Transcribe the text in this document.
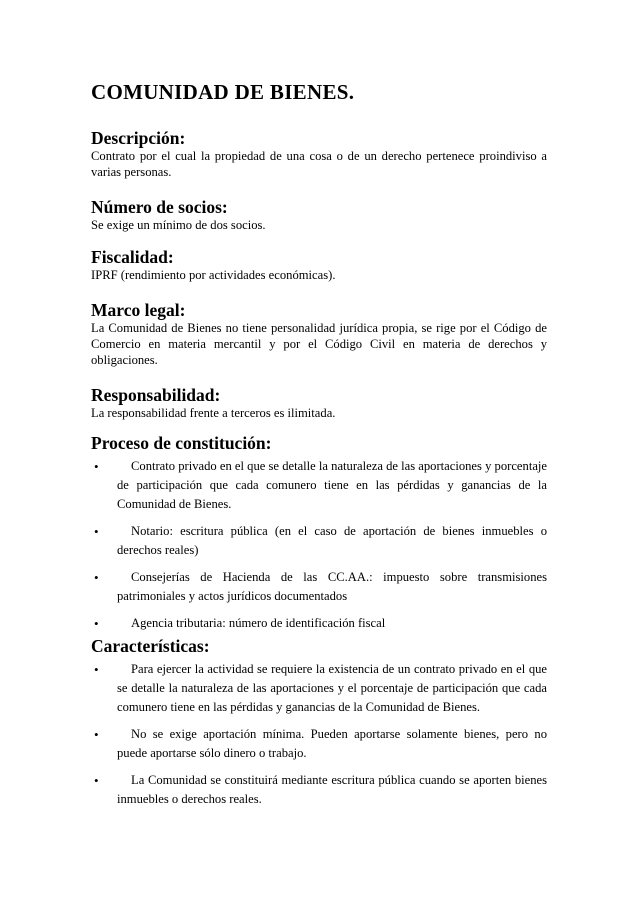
COMUNIDAD DE BIENES.
Descripción:

Contrato por el cual la propiedad de una cosa o de un derecho pertenece proindiviso a varias personas.

Número de socios:

Se exige un mínimo de dos socios.

Fiscalidad:

IPRF (rendimiento por actividades económicas).

Marco legal:

La Comunidad de Bienes no tiene personalidad jurídica propia, se rige por el Código de Comercio en materia mercantil y por el Código Civil en materia de derechos y obligaciones.

Responsabilidad:

La responsabilidad frente a terceros es ilimitada.

Proceso de constitución:
•	Contrato privado en el que se detalle la naturaleza de las aportaciones y porcentaje de participación que cada comunero tiene en las pérdidas y ganancias de la Comunidad de Bienes.
•	Notario: escritura pública (en el caso de aportación de bienes inmuebles o derechos reales)
•	Consejerías de Hacienda de las CC.AA.: impuesto sobre transmisiones patrimoniales y actos jurídicos documentados
•	Agencia tributaria: número de identificación fiscal
Características:
•	Para ejercer la actividad se requiere la existencia de un contrato privado en el que se detalle la naturaleza de las aportaciones y el porcentaje de participación que cada comunero tiene en las pérdidas y ganancias de la Comunidad de Bienes.
•	No se exige aportación mínima. Pueden aportarse solamente bienes, pero no puede aportarse sólo dinero o trabajo.
•	La Comunidad se constituirá mediante escritura pública cuando se aporten bienes inmuebles o derechos reales.
